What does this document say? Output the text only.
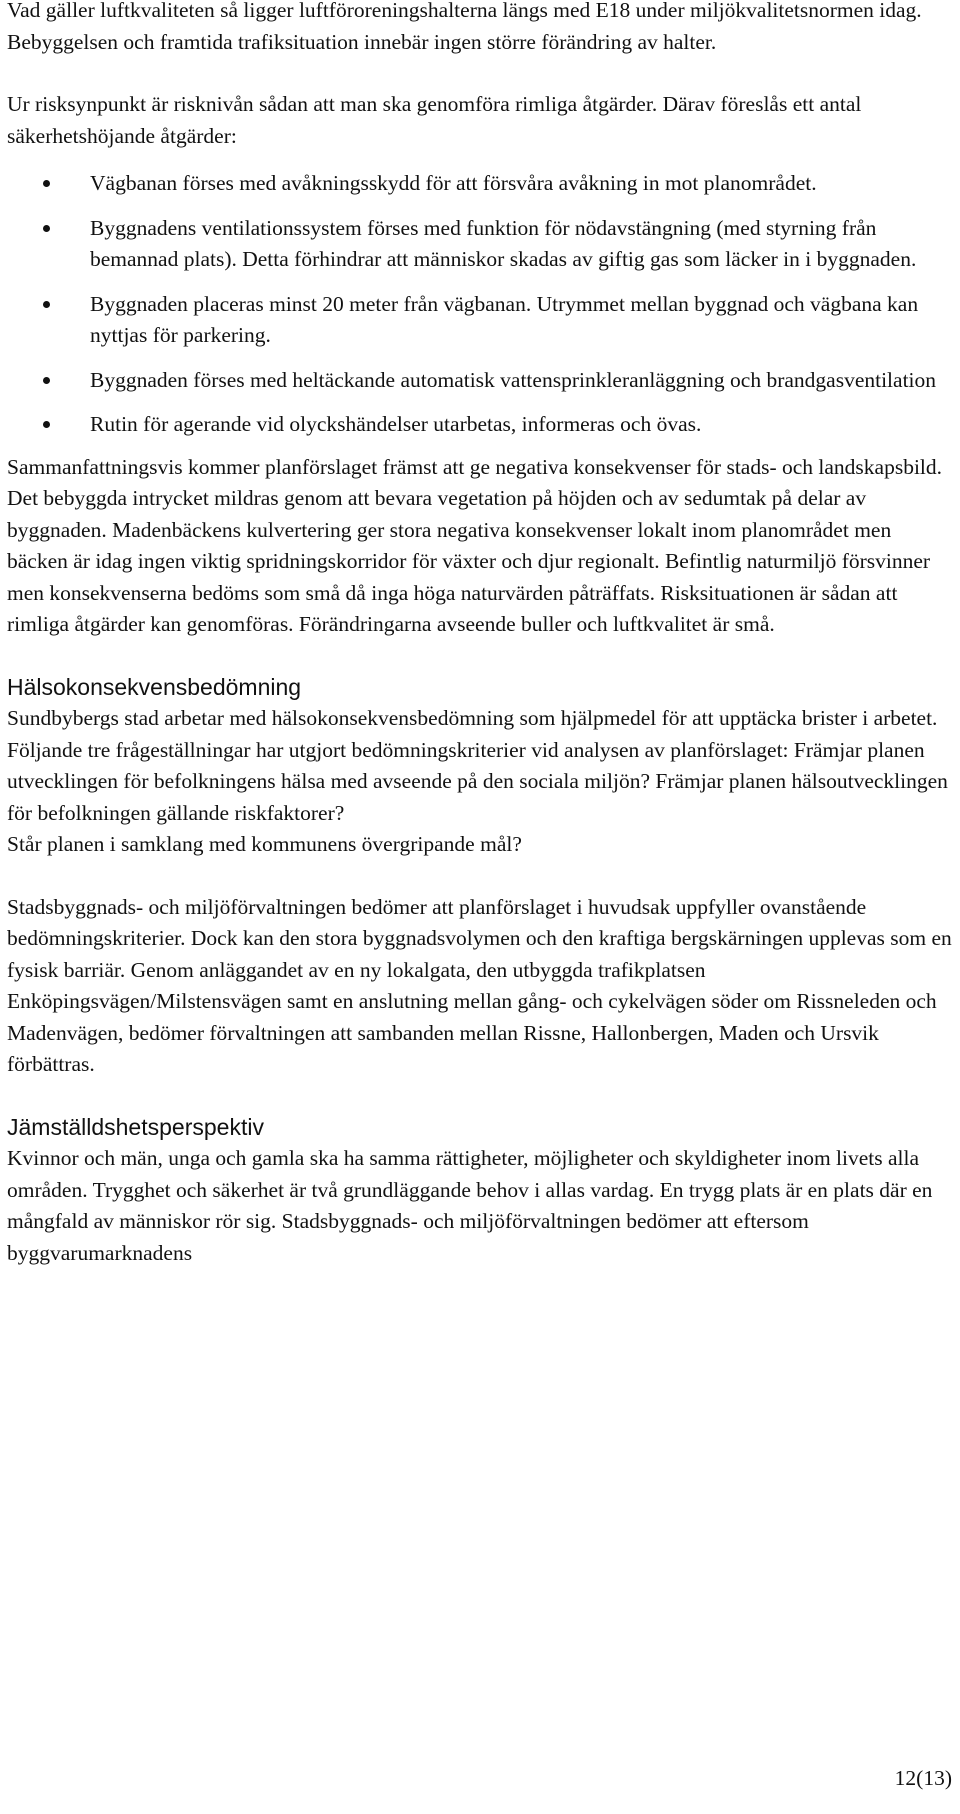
Vad gäller luftkvaliteten så ligger luftföroreningshalterna längs med E18 under miljökvalitetsnormen idag. Bebyggelsen och framtida trafiksituation innebär ingen större förändring av halter.

Ur risksynpunkt är risknivån sådan att man ska genomföra rimliga åtgärder. Därav föreslås ett antal säkerhetshöjande åtgärder:

Vägbanan förses med avåkningsskydd för att försvåra avåkning in mot planområdet.
Byggnadens ventilationssystem förses med funktion för nödavstängning (med styrning från bemannad plats). Detta förhindrar att människor skadas av giftig gas som läcker in i byggnaden.
Byggnaden placeras minst 20 meter från vägbanan. Utrymmet mellan byggnad och vägbana kan nyttjas för parkering.
Byggnaden förses med heltäckande automatisk vattensprinkleranläggning och brandgasventilation
Rutin för agerande vid olyckshändelser utarbetas, informeras och övas.

Sammanfattningsvis kommer planförslaget främst att ge negativa konsekvenser för stads- och landskapsbild. Det bebyggda intrycket mildras genom att bevara vegetation på höjden och av sedumtak på delar av byggnaden. Madenbäckens kulvertering ger stora negativa konsekvenser lokalt inom planområdet men bäcken är idag ingen viktig spridningskorridor för växter och djur regionalt. Befintlig naturmiljö försvinner men konsekvenserna bedöms som små då inga höga naturvärden påträffats. Risksituationen är sådan att rimliga åtgärder kan genomföras. Förändringarna avseende buller och luftkvalitet är små.

Hälsokonsekvensbedömning

Sundbybergs stad arbetar med hälsokonsekvensbedömning som hjälpmedel för att upptäcka brister i arbetet. Följande tre frågeställningar har utgjort bedömningskriterier vid analysen av planförslaget: Främjar planen utvecklingen för befolkningens hälsa med avseende på den sociala miljön? Främjar planen hälsoutvecklingen för befolkningen gällande riskfaktorer?
Står planen i samklang med kommunens övergripande mål?

Stadsbyggnads- och miljöförvaltningen bedömer att planförslaget i huvudsak uppfyller ovanstående bedömningskriterier. Dock kan den stora byggnadsvolymen och den kraftiga bergskärningen upplevas som en fysisk barriär. Genom anläggandet av en ny lokalgata, den utbyggda trafikplatsen Enköpingsvägen/Milstensvägen samt en anslutning mellan gång- och cykelvägen söder om Rissneleden och Madenvägen, bedömer förvaltningen att sambanden mellan Rissne, Hallonbergen, Maden och Ursvik förbättras.

Jämställdshetsperspektiv

Kvinnor och män, unga och gamla ska ha samma rättigheter, möjligheter och skyldigheter inom livets alla områden. Trygghet och säkerhet är två grundläggande behov i allas vardag. En trygg plats är en plats där en mångfald av människor rör sig. Stadsbyggnads- och miljöförvaltningen bedömer att eftersom byggvarumarknadens

12(13)
